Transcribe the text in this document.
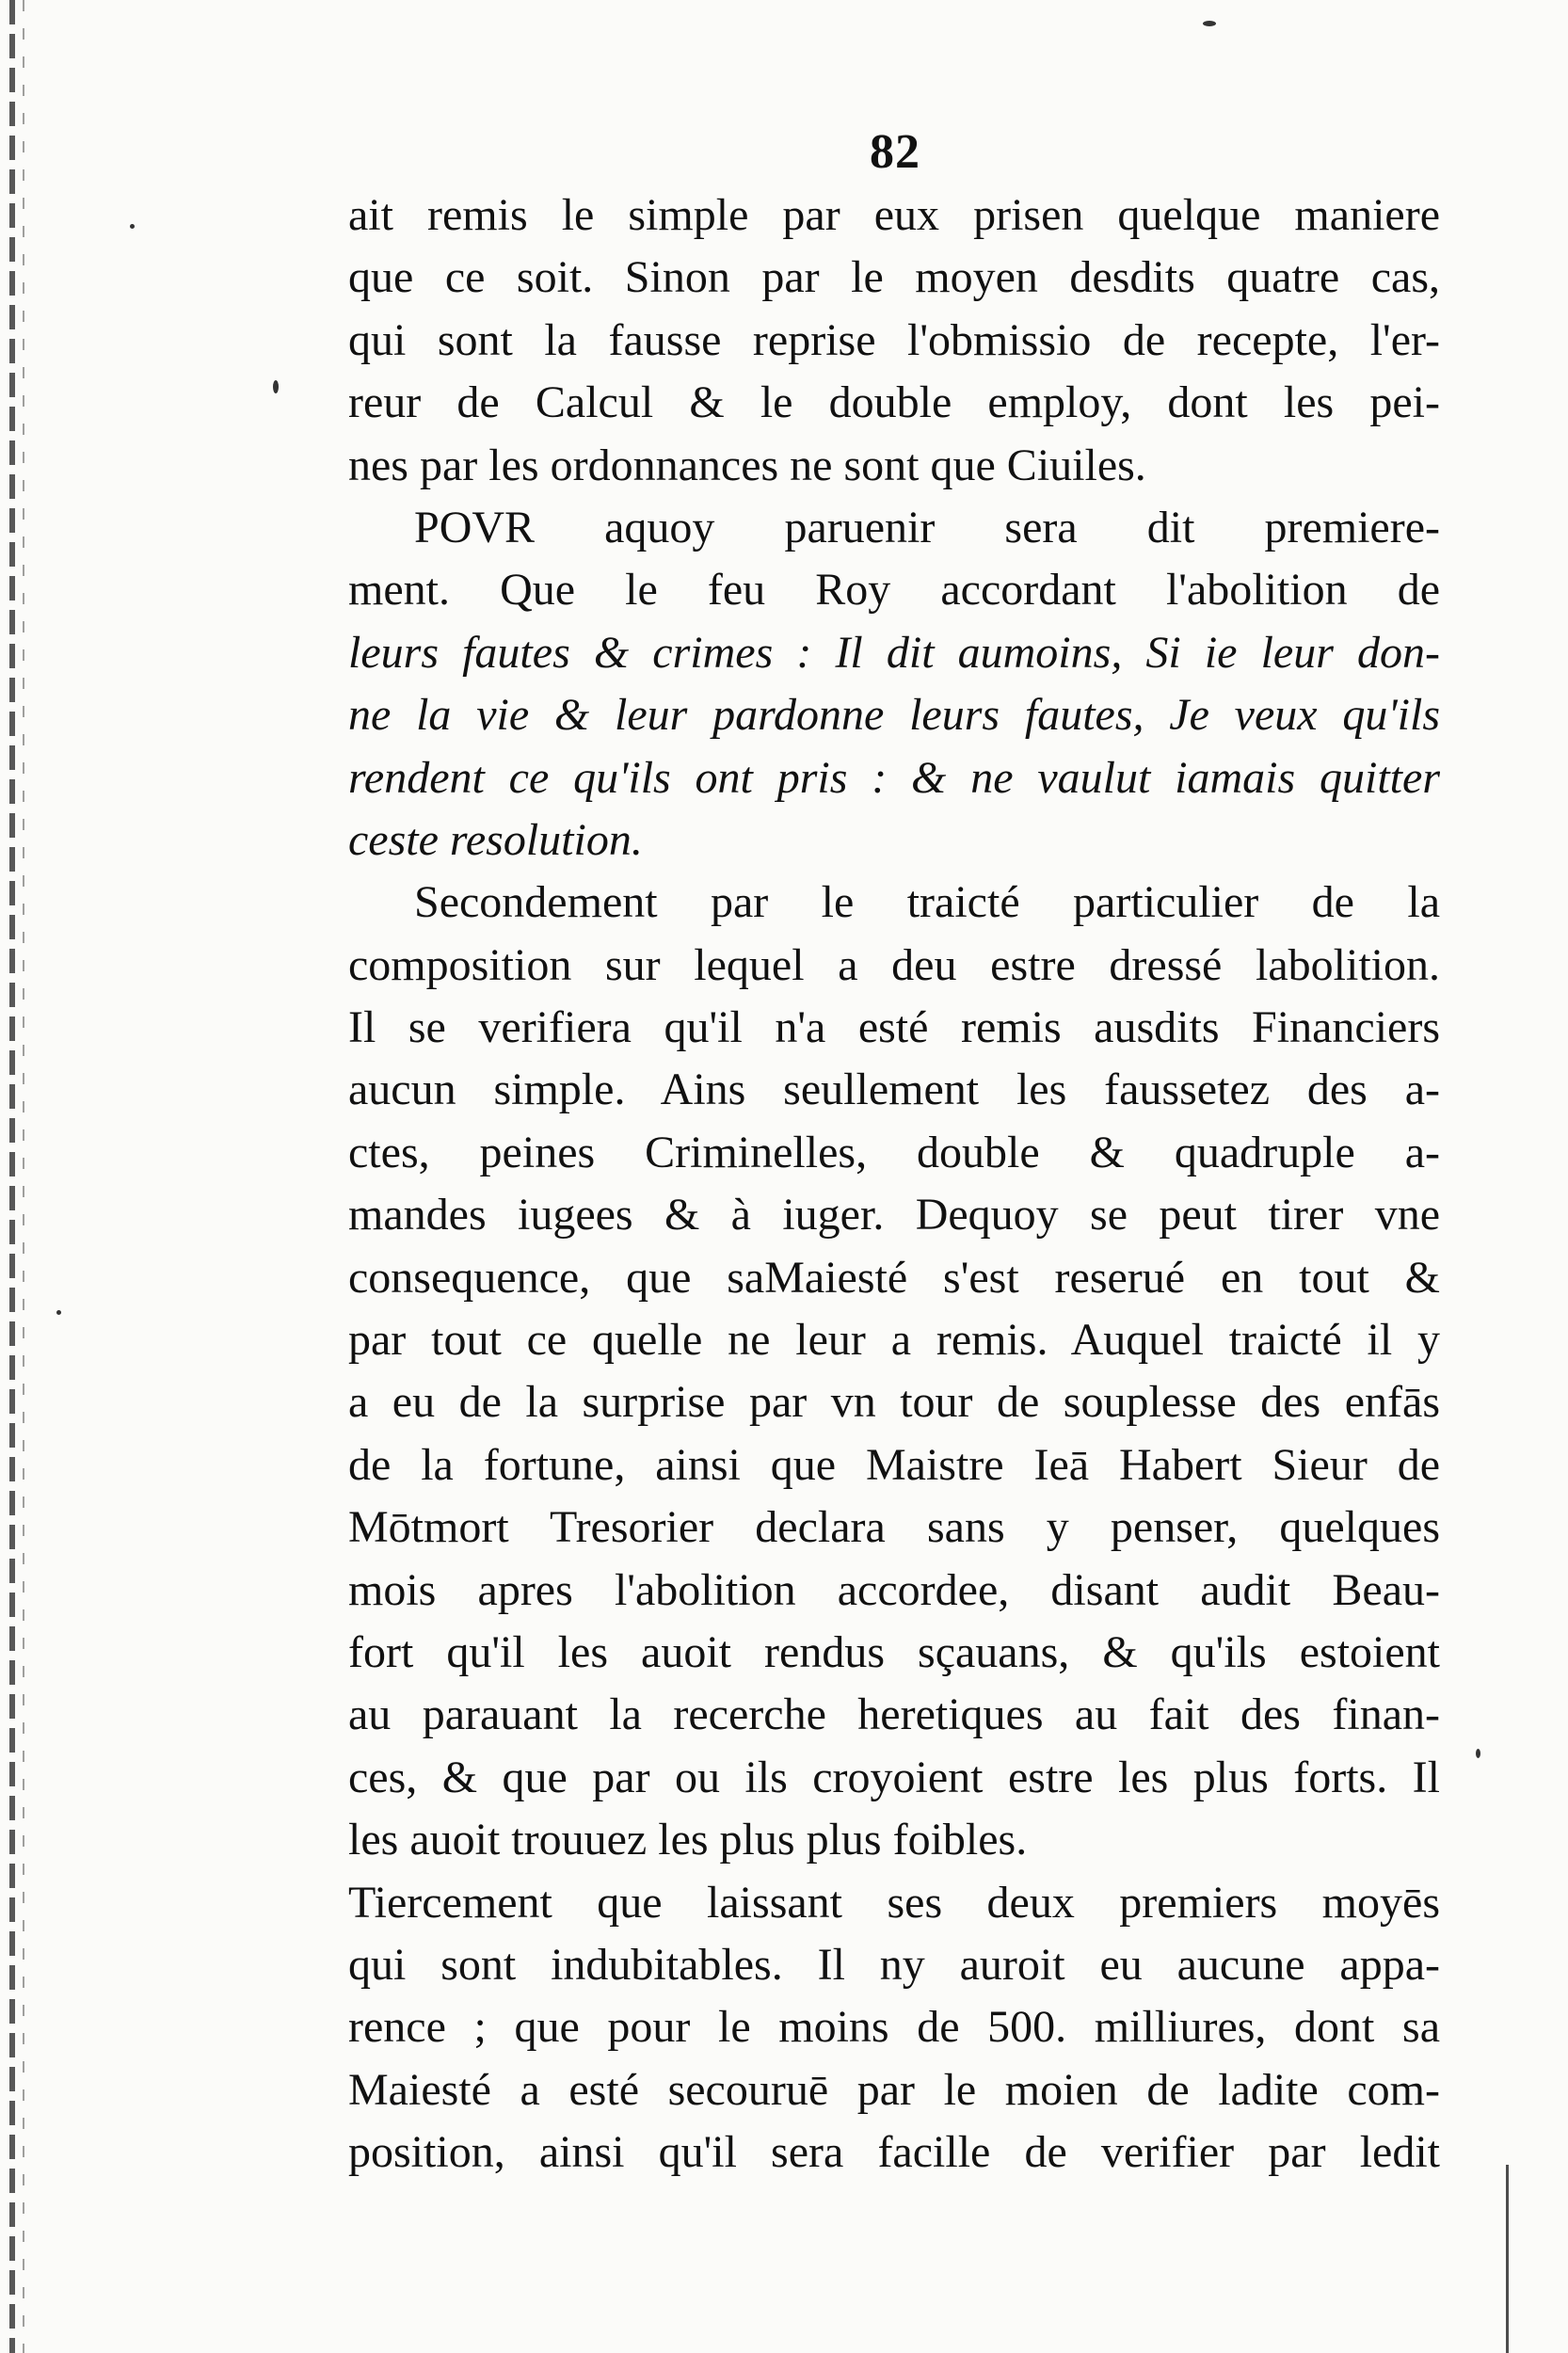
82
ait remis le simple par eux prisen quelque maniere
que ce soit. Sinon par le moyen desdits quatre cas,
qui sont la fausse reprise l'obmissio de recepte, l'er-
reur de Calcul & le double employ, dont les pei-
nes par les ordonnances ne sont que Ciuiles.
POVR aquoy paruenir sera dit premiere-
ment. Que le feu Roy accordant l'abolition de
leurs fautes & crimes : Il dit aumoins, Si ie leur don-
ne la vie & leur pardonne leurs fautes, Je veux qu'ils
rendent ce qu'ils ont pris : & ne vaulut iamais quitter
ceste resolution.
Secondement par le traicté particulier de la
composition sur lequel a deu estre dressé labolition.
Il se verifiera qu'il n'a esté remis ausdits Financiers
aucun simple. Ains seullement les faussetez des a-
ctes, peines Criminelles, double & quadruple a-
mandes iugees & à iuger. Dequoy se peut tirer vne
consequence, que saMaiesté s'est reserué en tout &
par tout ce quelle ne leur a remis. Auquel traicté il y
a eu de la surprise par vn tour de souplesse des enfās
de la fortune, ainsi que Maistre Ieā Habert Sieur de
Mōtmort Tresorier declara sans y penser, quelques
mois apres l'abolition accordee, disant audit Beau-
fort qu'il les auoit rendus sçauans, & qu'ils estoient
au parauant la recerche heretiques au fait des finan-
ces, & que par ou ils croyoient estre les plus forts. Il
les auoit trouuez les plus plus foibles.
Tiercement que laissant ses deux premiers moyēs
qui sont indubitables. Il ny auroit eu aucune appa-
rence ; que pour le moins de 500. milliures, dont sa
Maiesté a esté secouruē par le moien de ladite com-
position, ainsi qu'il sera facille de verifier par ledit
